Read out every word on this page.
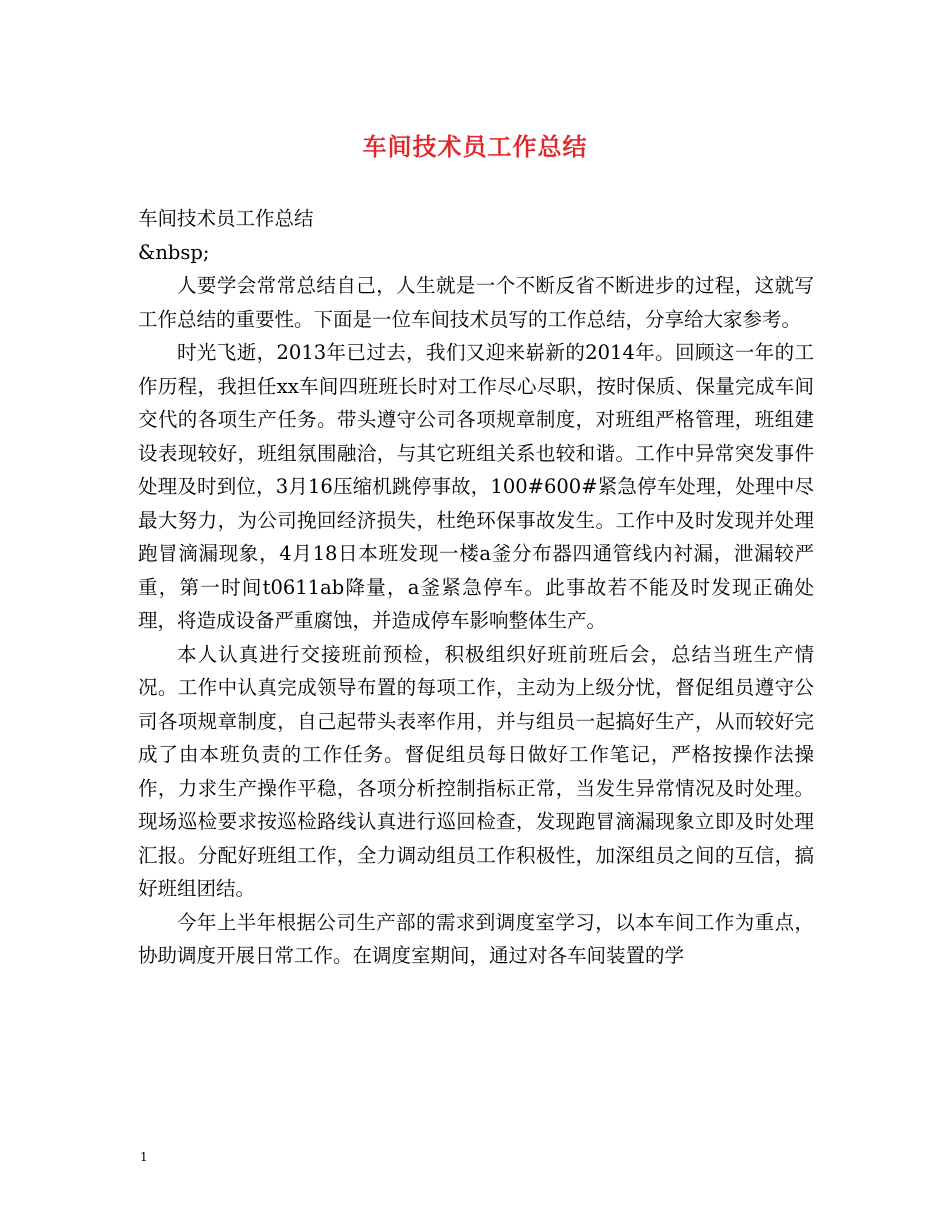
车间技术员工作总结

车间技术员工作总结

&nbsp;

人要学会常常总结自己，人生就是一个不断反省不断进步的过程，这就写工作总结的重要性。下面是一位车间技术员写的工作总结，分享给大家参考。

时光飞逝，2013年已过去，我们又迎来崭新的2014年。回顾这一年的工作历程，我担任xx车间四班班长时对工作尽心尽职，按时保质、保量完成车间交代的各项生产任务。带头遵守公司各项规章制度，对班组严格管理，班组建设表现较好，班组氛围融洽，与其它班组关系也较和谐。工作中异常突发事件处理及时到位，3月16压缩机跳停事故，100#600#紧急停车处理，处理中尽最大努力，为公司挽回经济损失，杜绝环保事故发生。工作中及时发现并处理跑冒滴漏现象，4月18日本班发现一楼a釜分布器四通管线内衬漏，泄漏较严重，第一时间t0611ab降量，a釜紧急停车。此事故若不能及时发现正确处理，将造成设备严重腐蚀，并造成停车影响整体生产。

本人认真进行交接班前预检，积极组织好班前班后会，总结当班生产情况。工作中认真完成领导布置的每项工作，主动为上级分忧，督促组员遵守公司各项规章制度，自己起带头表率作用，并与组员一起搞好生产，从而较好完成了由本班负责的工作任务。督促组员每日做好工作笔记，严格按操作法操作，力求生产操作平稳，各项分析控制指标正常，当发生异常情况及时处理。现场巡检要求按巡检路线认真进行巡回检查，发现跑冒滴漏现象立即及时处理汇报。分配好班组工作，全力调动组员工作积极性，加深组员之间的互信，搞好班组团结。

今年上半年根据公司生产部的需求到调度室学习，以本车间工作为重点，协助调度开展日常工作。在调度室期间，通过对各车间装置的学

1
